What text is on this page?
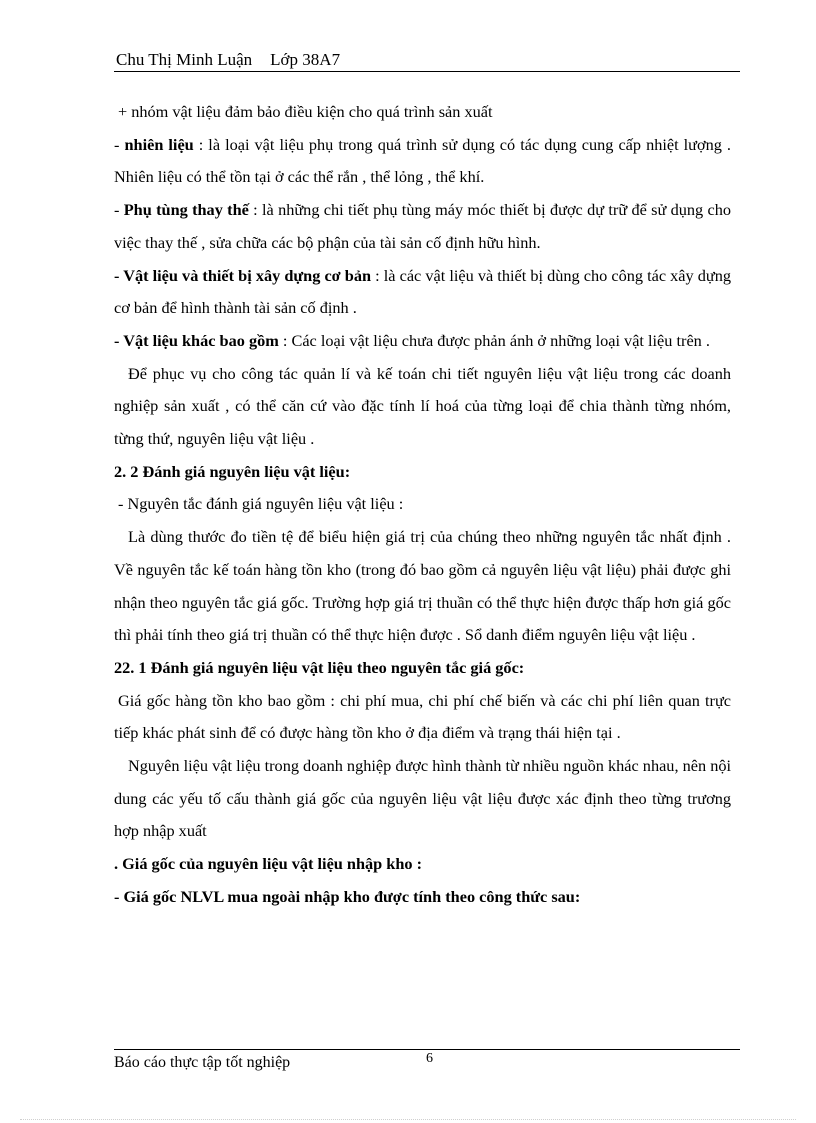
Chu Thị Minh Luận Lớp 38A7

+ nhóm vật liệu đảm bảo điều kiện cho quá trình sản xuất

- nhiên liệu : là loại vật liệu phụ trong quá trình sử dụng có tác dụng cung cấp nhiệt lượng . Nhiên liệu có thể tồn tại ở các thể rắn , thể lỏng , thể khí.

- Phụ tùng thay thế : là những chi tiết phụ tùng máy móc thiết bị được dự trữ để sử dụng cho việc thay thế , sửa chữa các bộ phận của tài sản cố định hữu hình.

- Vật liệu và thiết bị xây dựng cơ bản : là các vật liệu và thiết bị dùng cho công tác xây dựng cơ bản để hình thành tài sản cố định .

- Vật liệu khác bao gồm : Các loại vật liệu chưa được phản ánh ở những loại vật liệu trên .

Để phục vụ cho công tác quản lí và kế toán chi tiết nguyên liệu vật liệu trong các doanh nghiệp sản xuất , có thể căn cứ vào đặc tính lí hoá của từng loại để chia thành từng nhóm, từng thứ, nguyên liệu vật liệu .

2. 2 Đánh giá nguyên liệu vật liệu:

- Nguyên tắc đánh giá nguyên liệu vật liệu :

Là dùng thước đo tiền tệ để biểu hiện giá trị của chúng theo những nguyên tắc nhất định . Về nguyên tắc kế toán hàng tồn kho (trong đó bao gồm cả nguyên liệu vật liệu) phải được ghi nhận theo nguyên tắc giá gốc. Trường hợp giá trị thuần có thể thực hiện được thấp hơn giá gốc thì phải tính theo giá trị thuần có thể thực hiện được . Sổ danh điểm nguyên liệu vật liệu .

22. 1 Đánh giá nguyên liệu vật liệu theo nguyên tắc giá gốc:

Giá gốc hàng tồn kho bao gồm : chi phí mua, chi phí chế biến và các chi phí liên quan trực tiếp khác phát sinh để có được hàng tồn kho ở địa điểm và trạng thái hiện tại .

Nguyên liệu vật liệu trong doanh nghiệp được hình thành từ nhiều nguồn khác nhau, nên nội dung các yếu tố cấu thành giá gốc của nguyên liệu vật liệu được xác định theo từng trương hợp nhập xuất

. Giá gốc của nguyên liệu vật liệu nhập kho :

- Giá gốc NLVL mua ngoài nhập kho được tính theo công thức sau:

Báo cáo thực tập tốt nghiệp	6
